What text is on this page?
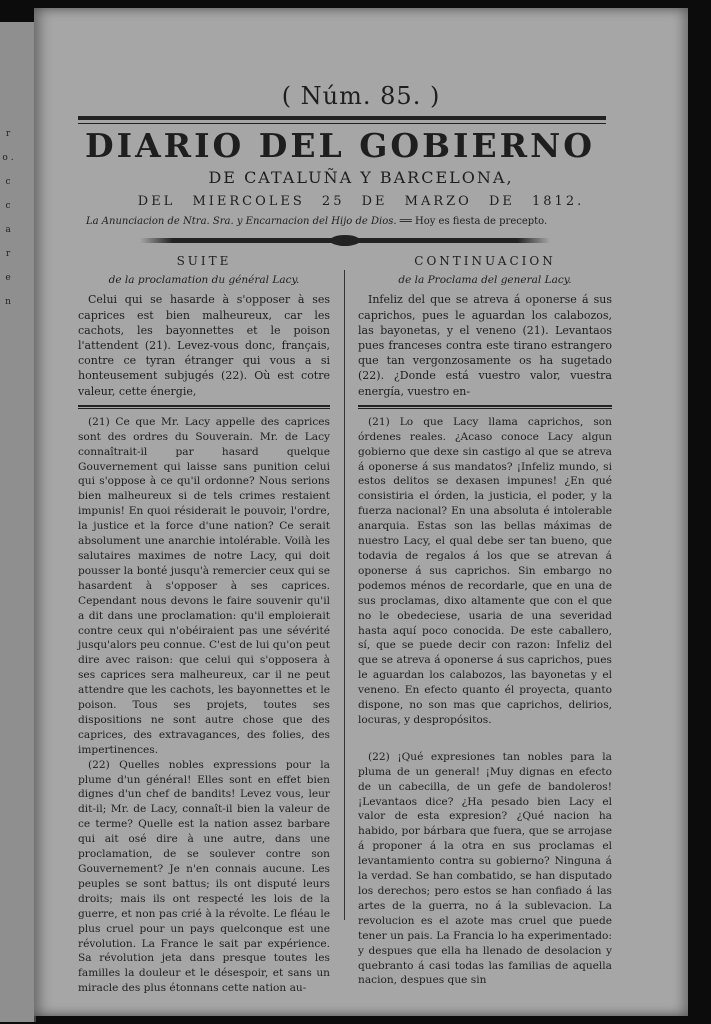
r o . c c a r e n
( Núm. 85. )
DIARIO DEL GOBIERNO
DE CATALUÑA Y BARCELONA,
DEL MIERCOLES 25 DE MARZO DE 1812.
La Anunciacion de Ntra. Sra. y Encarnacion del Hijo de Dios. ══ Hoy es fiesta de precepto.
SUITE
de la proclamation du général Lacy.

Celui qui se hasarde à s'opposer à ses caprices est bien malheureux, car les cachots, les bayonnettes et le poison l'attendent (21). Levez-vous donc, français, contre ce tyran étranger qui vous a si honteusement subjugés (22). Où est cotre valeur, cette énergie,

(21) Ce que Mr. Lacy appelle des caprices sont des ordres du Souverain. Mr. de Lacy connaîtrait-il par hasard quelque Gouvernement qui laisse sans punition celui qui s'oppose à ce qu'il ordonne? Nous serions bien malheureux si de tels crimes restaient impunis! En quoi résiderait le pouvoir, l'ordre, la justice et la force d'une nation? Ce serait absolument une anarchie intolérable. Voilà les salutaires maximes de notre Lacy, qui doit pousser la bonté jusqu'à remercier ceux qui se hasardent à s'opposer à ses caprices. Cependant nous devons le faire souvenir qu'il a dit dans une proclamation: qu'il emploierait contre ceux qui n'obéiraient pas une sévérité jusqu'alors peu connue. C'est de lui qu'on peut dire avec raison: que celui qui s'opposera à ses caprices sera malheureux, car il ne peut attendre que les cachots, les bayonnettes et le poison. Tous ses projets, toutes ses dispositions ne sont autre chose que des caprices, des extravagances, des folies, des impertinences.

(22) Quelles nobles expressions pour la plume d'un général! Elles sont en effet bien dignes d'un chef de bandits! Levez vous, leur dit-il; Mr. de Lacy, connaît-il bien la valeur de ce terme? Quelle est la nation assez barbare qui ait osé dire à une autre, dans une proclamation, de se soulever contre son Gouvernement? Je n'en connais aucune. Les peuples se sont battus; ils ont disputé leurs droits; mais ils ont respecté les lois de la guerre, et non pas crié à la révolte. Le fléau le plus cruel pour un pays quelconque est une révolution. La France le sait par expérience. Sa révolution jeta dans presque toutes les familles la douleur et le désespoir, et sans un miracle des plus étonnans cette nation au-

CONTINUACION
de la Proclama del general Lacy.

Infeliz del que se atreva á oponerse á sus caprichos, pues le aguardan los calabozos, las bayonetas, y el veneno (21). Levantaos pues franceses contra este tirano estrangero que tan vergonzosamente os ha sugetado (22). ¿Donde está vuestro valor, vuestra energía, vuestro en-

(21) Lo que Lacy llama caprichos, son órdenes reales. ¿Acaso conoce Lacy algun gobierno que dexe sin castigo al que se atreva á oponerse á sus mandatos? ¡Infeliz mundo, si estos delitos se dexasen impunes! ¿En qué consistiria el órden, la justicia, el poder, y la fuerza nacional? En una absoluta é intolerable anarquia. Estas son las bellas máximas de nuestro Lacy, el qual debe ser tan bueno, que todavia de regalos á los que se atrevan á oponerse á sus caprichos. Sin embargo no podemos ménos de recordarle, que en una de sus proclamas, dixo altamente que con el que no le obedeciese, usaria de una severidad hasta aquí poco conocida. De este caballero, sí, que se puede decir con razon: Infeliz del que se atreva á oponerse á sus caprichos, pues le aguardan los calabozos, las bayonetas y el veneno. En efecto quanto él proyecta, quanto dispone, no son mas que caprichos, delirios, locuras, y despropósitos.

(22) ¡Qué expresiones tan nobles para la pluma de un general! ¡Muy dignas en efecto de un cabecilla, de un gefe de bandoleros! ¡Levantaos dice? ¿Ha pesado bien Lacy el valor de esta expresion? ¿Qué nacion ha habido, por bárbara que fuera, que se arrojase á proponer á la otra en sus proclamas el levantamiento contra su gobierno? Ninguna á la verdad. Se han combatido, se han disputado los derechos; pero estos se han confiado á las artes de la guerra, no á la sublevacion. La revolucion es el azote mas cruel que puede tener un pais. La Francia lo ha experimentado: y despues que ella ha llenado de desolacion y quebranto á casi todas las familias de aquella nacion, despues que sin
